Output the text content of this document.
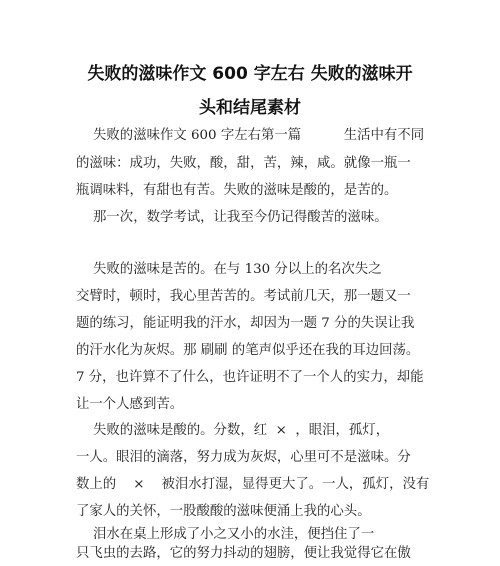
失败的滋味作文 600 字左右 失败的滋味开
头和结尾素材
失败的滋味作文 600 字左右第一篇          生活中有不同
的滋味：成功，失败，酸，甜，苦，辣，咸。就像一瓶一
瓶调味料，有甜也有苦。失败的滋味是酸的，是苦的。
那一次，数学考试，让我至今仍记得酸苦的滋味。
失败的滋味是苦的。在与 130 分以上的名次失之
交臂时，顿时，我心里苦苦的。考试前几天，那一题又一
题的练习，能证明我的汗水，却因为一题 7 分的失误让我
的汗水化为灰烬。那 刷刷 的笔声似乎还在我的耳边回荡。
7 分，也许算不了什么，也许证明不了一个人的实力，却能
让一个人感到苦。
失败的滋味是酸的。分数，红  ×  ，眼泪，孤灯，
一人。眼泪的滴落，努力成为灰烬，心里可不是滋味。分
数上的    ×    被泪水打湿，显得更大了。一人，孤灯，没有
了家人的关怀，一股酸酸的滋味便涌上我的心头。
泪水在桌上形成了小之又小的水洼，便挡住了一
只飞虫的去路，它的努力抖动的翅膀，便让我觉得它在傲
